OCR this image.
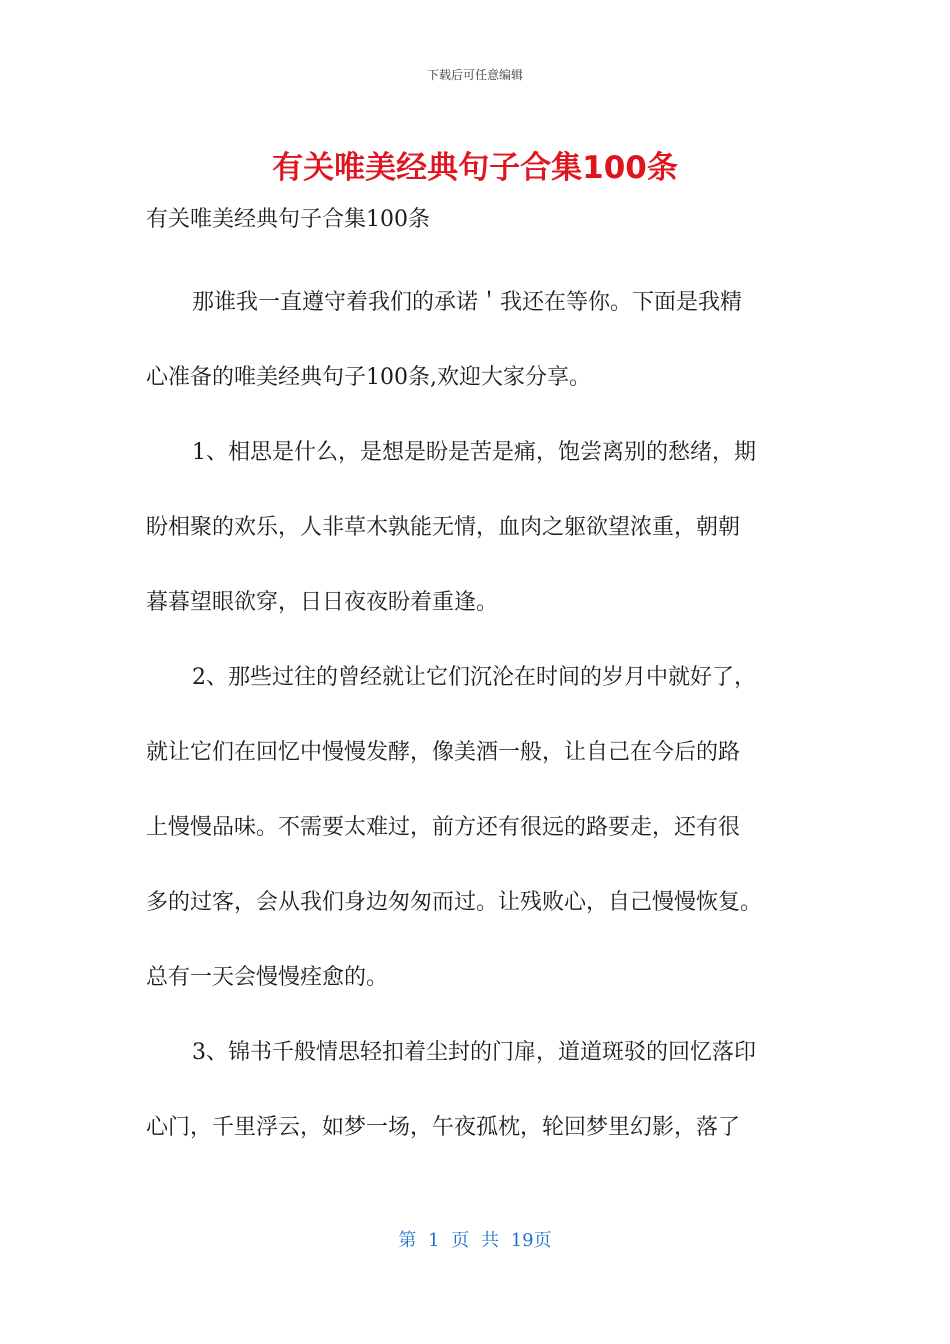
下载后可任意编辑
有关唯美经典句子合集100条
有关唯美经典句子合集100条
那谁我一直遵守着我们的承诺＇我还在等你。下面是我精
心准备的唯美经典句子100条,欢迎大家分享。
1、相思是什么，是想是盼是苦是痛，饱尝离别的愁绪，期
盼相聚的欢乐，人非草木孰能无情，血肉之躯欲望浓重，朝朝
暮暮望眼欲穿，日日夜夜盼着重逢。
2、那些过往的曾经就让它们沉沦在时间的岁月中就好了，
就让它们在回忆中慢慢发酵，像美酒一般，让自己在今后的路
上慢慢品味。不需要太难过，前方还有很远的路要走，还有很
多的过客，会从我们身边匆匆而过。让残败心，自己慢慢恢复。
总有一天会慢慢痊愈的。
3、锦书千般情思轻扣着尘封的门扉，道道斑驳的回忆落印
心门，千里浮云，如梦一场，午夜孤枕，轮回梦里幻影，落了
第 1 页 共 19页
